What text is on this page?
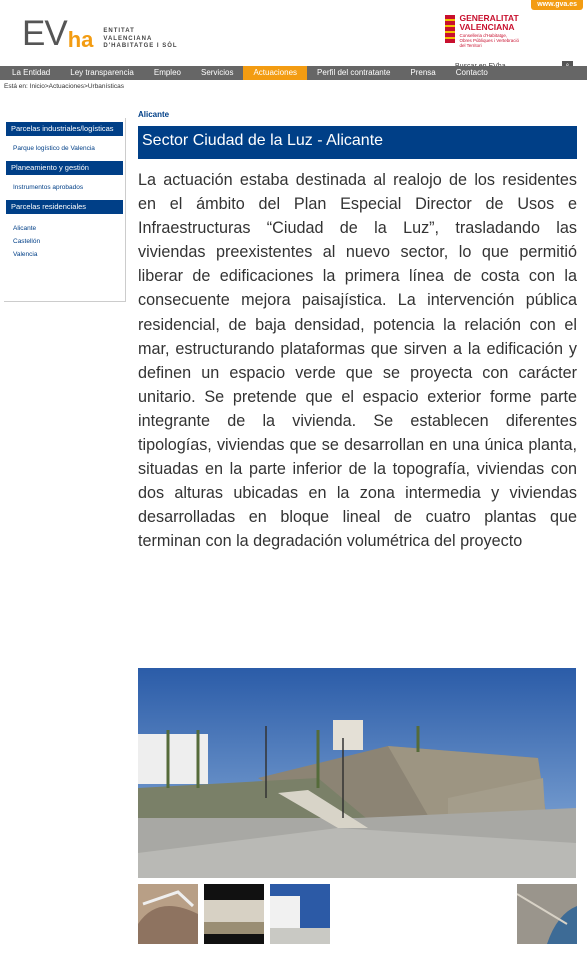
www.gva.es
EV ha ENTITAT
VALENCIANA
D'HABITATGE I SÒL
GENERALITAT
VALENCIANA
Conselleria d'Habitatge,
Obres Públiques i Vertebració
del Territori
La Entidad	Ley transparencia	Empleo	Servicios	Actuaciones	Perfil del contratante	Prensa	Contacto
Está en: Inicio>Actuaciones>Urbanísticas
Parcelas industriales/logísticas
Parque logístico de Valencia
Planeamiento y gestión
Instrumentos aprobados
Parcelas residenciales
Alicante
Castellón
Valencia
Alicante
Sector Ciudad de la Luz - Alicante
La actuación estaba destinada al realojo de los residentes en el ámbito del Plan Especial Director de Usos e Infraestructuras “Ciudad de la Luz”, trasladando las viviendas preexistentes al nuevo sector, lo que permitió liberar de edificaciones la primera línea de costa con la consecuente mejora paisajística. La intervención pública residencial, de baja densidad, potencia la relación con el mar, estructurando plataformas que sirven a la edificación y definen un espacio verde que se proyecta con carácter unitario. Se pretende que el espacio exterior forme parte integrante de la vivienda. Se establecen diferentes tipologías, viviendas que se desarrollan en una única planta, situadas en la parte inferior de la topografía, viviendas con dos alturas ubicadas en la zona intermedia y viviendas desarrolladas en bloque lineal de cuatro plantas que terminan con la degradación volumétrica del proyecto
